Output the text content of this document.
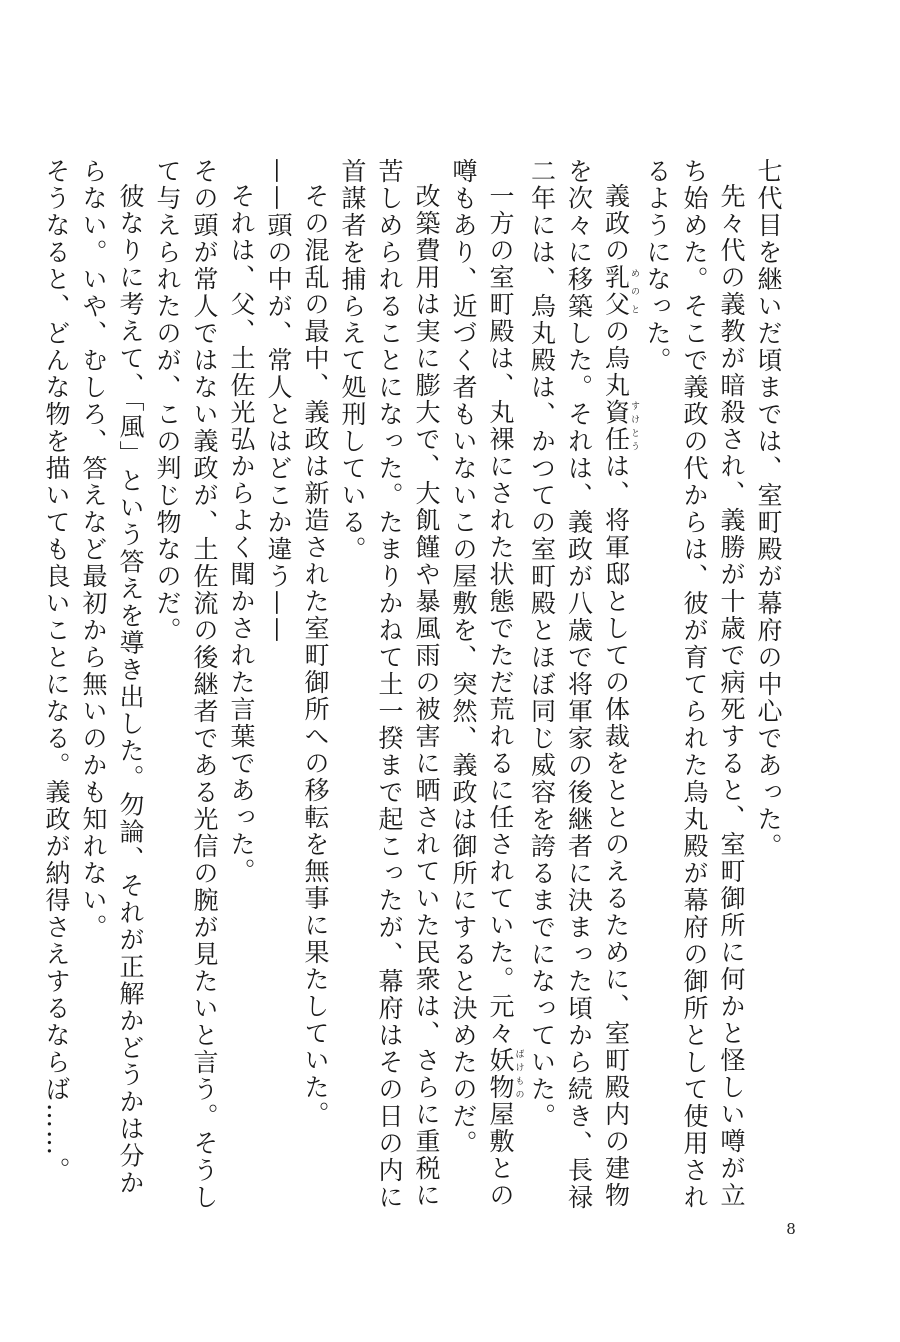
七代目を継いだ頃までは、室町殿が幕府の中心であった。

先々代の義教が暗殺され、義勝が十歳で病死すると、室町御所に何かと怪しい噂が立ち始めた。そこで義政の代からは、彼が育てられた烏丸殿が幕府の御所として使用されるようになった。

義政の乳父めのとの烏丸資任すけとうは、将軍邸としての体裁をととのえるために、室町殿内の建物を次々に移築した。それは、義政が八歳で将軍家の後継者に決まった頃から続き、長禄二年には、烏丸殿は、かつての室町殿とほぼ同じ威容を誇るまでになっていた。

一方の室町殿は、丸裸にされた状態でただ荒れるに任されていた。元々妖物ばけもの屋敷との噂もあり、近づく者もいないこの屋敷を、突然、義政は御所にすると決めたのだ。

改築費用は実に膨大で、大飢饉や暴風雨の被害に晒されていた民衆は、さらに重税に苦しめられることになった。たまりかねて土一揆まで起こったが、幕府はその日の内に首謀者を捕らえて処刑している。

その混乱の最中、義政は新造された室町御所への移転を無事に果たしていた。

——頭の中が、常人とはどこか違う——

それは、父、土佐光弘からよく聞かされた言葉であった。

その頭が常人ではない義政が、土佐流の後継者である光信の腕が見たいと言う。そうして与えられたのが、この判じ物なのだ。

彼なりに考えて、「風」という答えを導き出した。勿論、それが正解かどうかは分からない。いや、むしろ、答えなど最初から無いのかも知れない。

そうなると、どんな物を描いても良いことになる。義政が納得さえするならば……。

8
